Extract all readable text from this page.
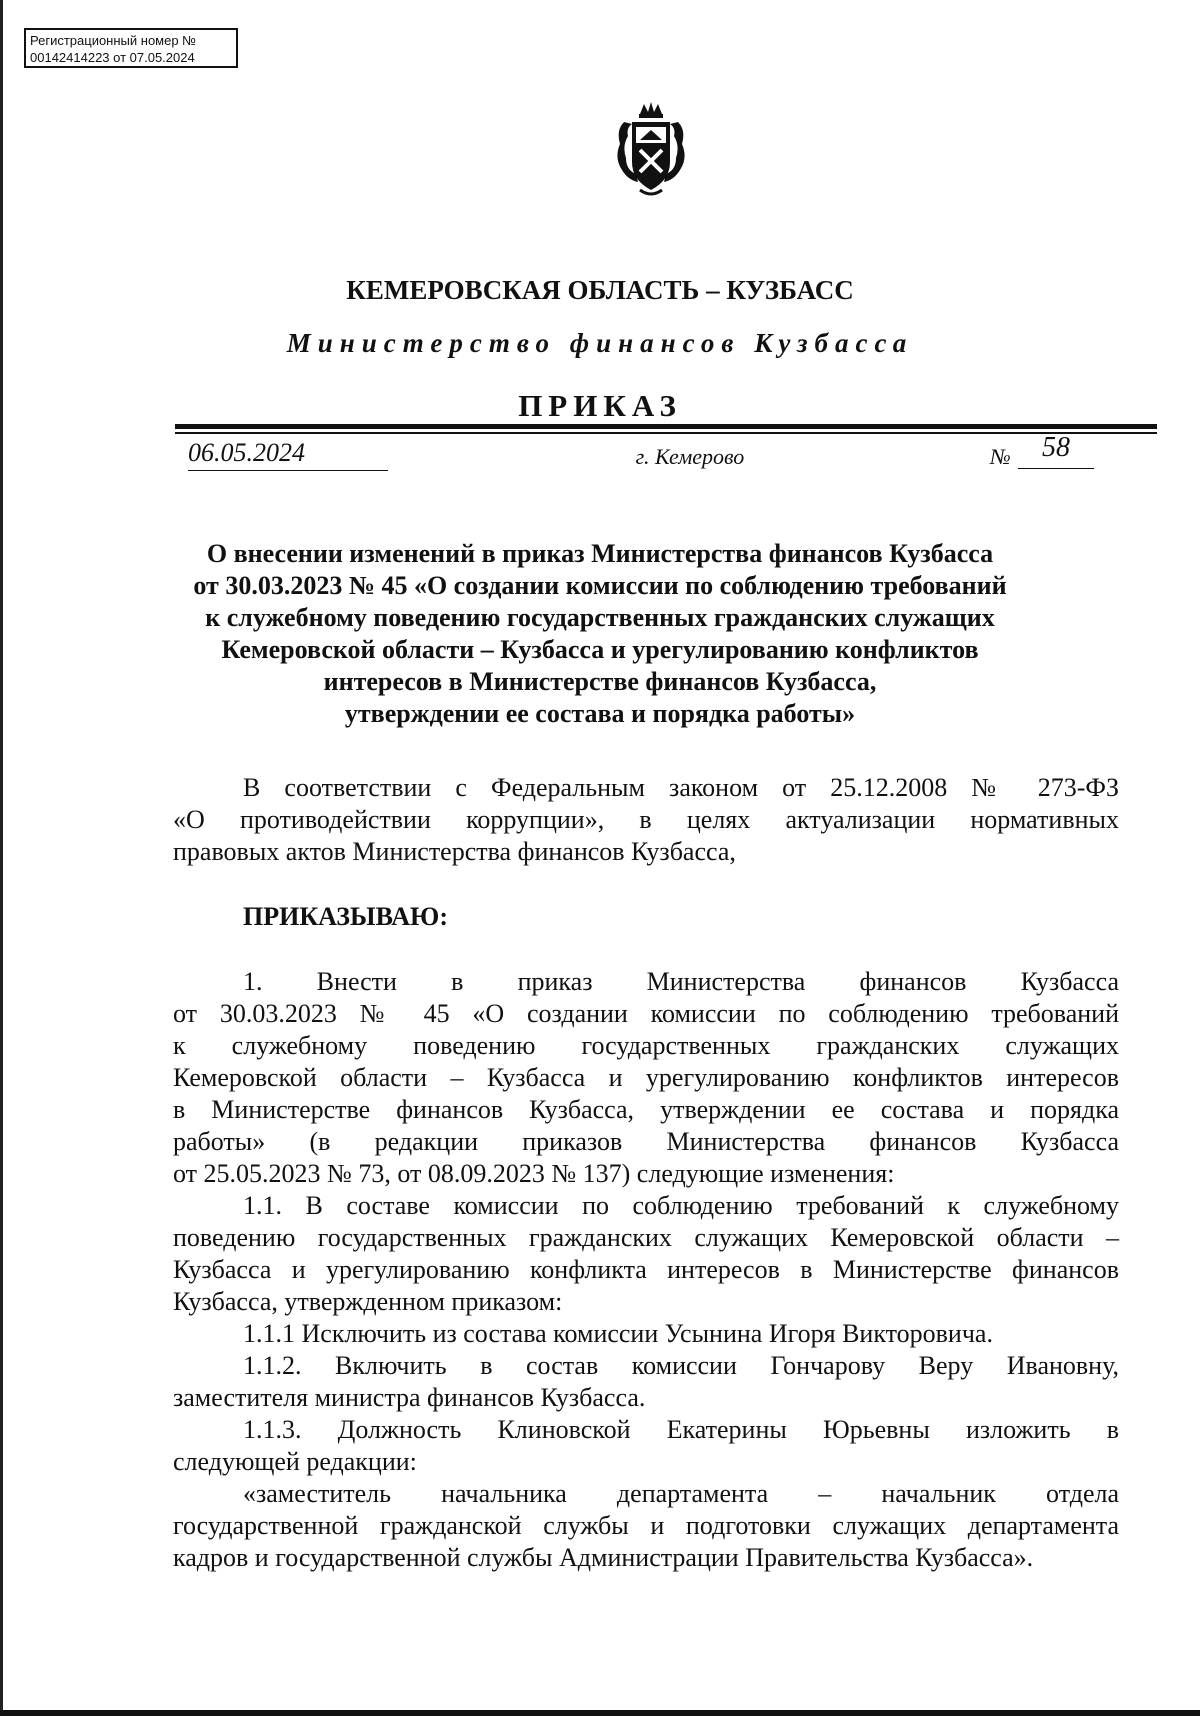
Регистрационный номер №
00142414223 от 07.05.2024
КЕМЕРОВСКАЯ ОБЛАСТЬ – КУЗБАСС
Министерство финансов Кузбасса
ПРИКАЗ
06.05.2024	г. Кемерово	№	58
О внесении изменений в приказ Министерства финансов Кузбасса
от 30.03.2023 № 45 «О создании комиссии по соблюдению требований
к служебному поведению государственных гражданских служащих
Кемеровской области – Кузбасса и урегулированию конфликтов
интересов в Министерстве финансов Кузбасса,
утверждении ее состава и порядка работы»
В соответствии с Федеральным законом от 25.12.2008 № 273-ФЗ
«О противодействии коррупции», в целях актуализации нормативных
правовых актов Министерства финансов Кузбасса,
ПРИКАЗЫВАЮ:
1. Внести в приказ Министерства финансов Кузбасса
от 30.03.2023 № 45 «О создании комиссии по соблюдению требований
к служебному поведению государственных гражданских служащих
Кемеровской области – Кузбасса и урегулированию конфликтов интересов
в Министерстве финансов Кузбасса, утверждении ее состава и порядка
работы» (в редакции приказов Министерства финансов Кузбасса
от 25.05.2023 № 73, от 08.09.2023 № 137) следующие изменения:
1.1. В составе комиссии по соблюдению требований к служебному
поведению государственных гражданских служащих Кемеровской области –
Кузбасса и урегулированию конфликта интересов в Министерстве финансов
Кузбасса, утвержденном приказом:
1.1.1 Исключить из состава комиссии Усынина Игоря Викторовича.
1.1.2. Включить в состав комиссии Гончарову Веру Ивановну,
заместителя министра финансов Кузбасса.
1.1.3. Должность Клиновской Екатерины Юрьевны изложить в
следующей редакции:
«заместитель начальника департамента – начальник отдела
государственной гражданской службы и подготовки служащих департамента
кадров и государственной службы Администрации Правительства Кузбасса».
